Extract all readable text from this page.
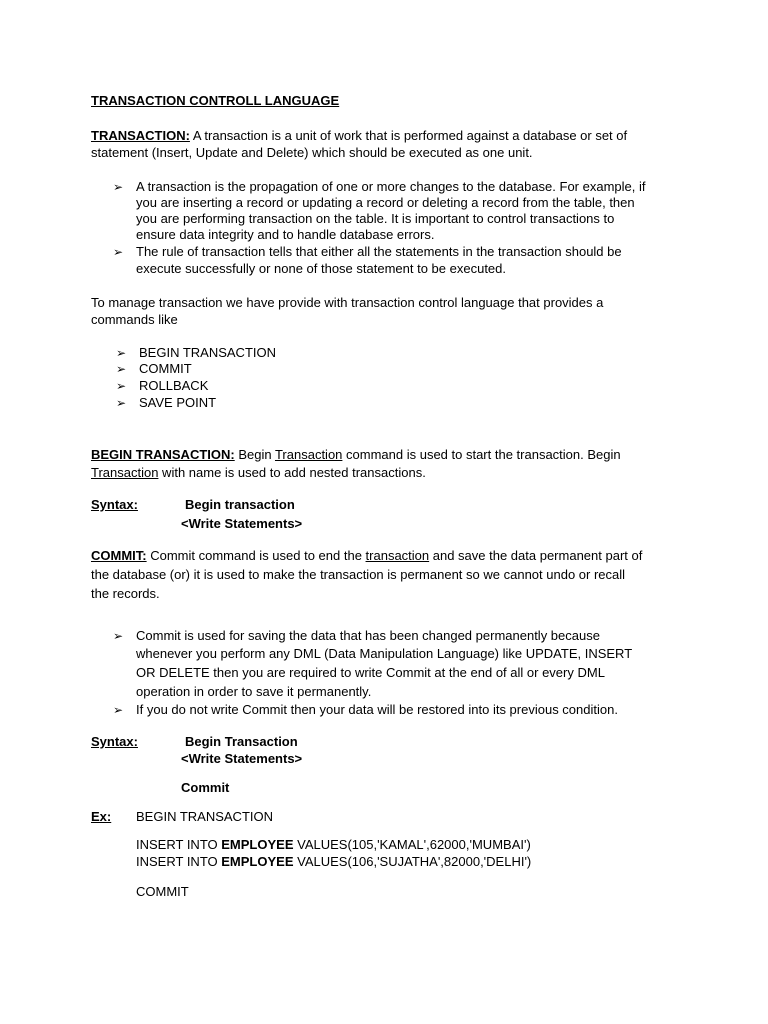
TRANSACTION CONTROLL LANGUAGE
TRANSACTION: A transaction is a unit of work that is performed against a database or set of
statement (Insert, Update and Delete) which should be executed as one unit.
➢ A transaction is the propagation of one or more changes to the database. For example, if
you are inserting a record or updating a record or deleting a record from the table, then
you are performing transaction on the table. It is important to control transactions to
ensure data integrity and to handle database errors.
➢ The rule of transaction tells that either all the statements in the transaction should be
execute successfully or none of those statement to be executed.
To manage transaction we have provide with transaction control language that provides a
commands like
➢ BEGIN TRANSACTION
➢ COMMIT
➢ ROLLBACK
➢ SAVE POINT
BEGIN TRANSACTION: Begin Transaction command is used to start the transaction. Begin
Transaction with name is used to add nested transactions.
Syntax:	Begin transaction
<Write Statements>
COMMIT: Commit command is used to end the transaction and save the data permanent part of
the database (or) it is used to make the transaction is permanent so we cannot undo or recall
the records.
➢ Commit is used for saving the data that has been changed permanently because
whenever you perform any DML (Data Manipulation Language) like UPDATE, INSERT
OR DELETE then you are required to write Commit at the end of all or every DML
operation in order to save it permanently.
➢ If you do not write Commit then your data will be restored into its previous condition.
Syntax:	Begin Transaction
<Write Statements>
Commit
Ex: BEGIN TRANSACTION
INSERT INTO EMPLOYEE VALUES(105,'KAMAL',62000,'MUMBAI')
INSERT INTO EMPLOYEE VALUES(106,'SUJATHA',82000,'DELHI')
COMMIT
